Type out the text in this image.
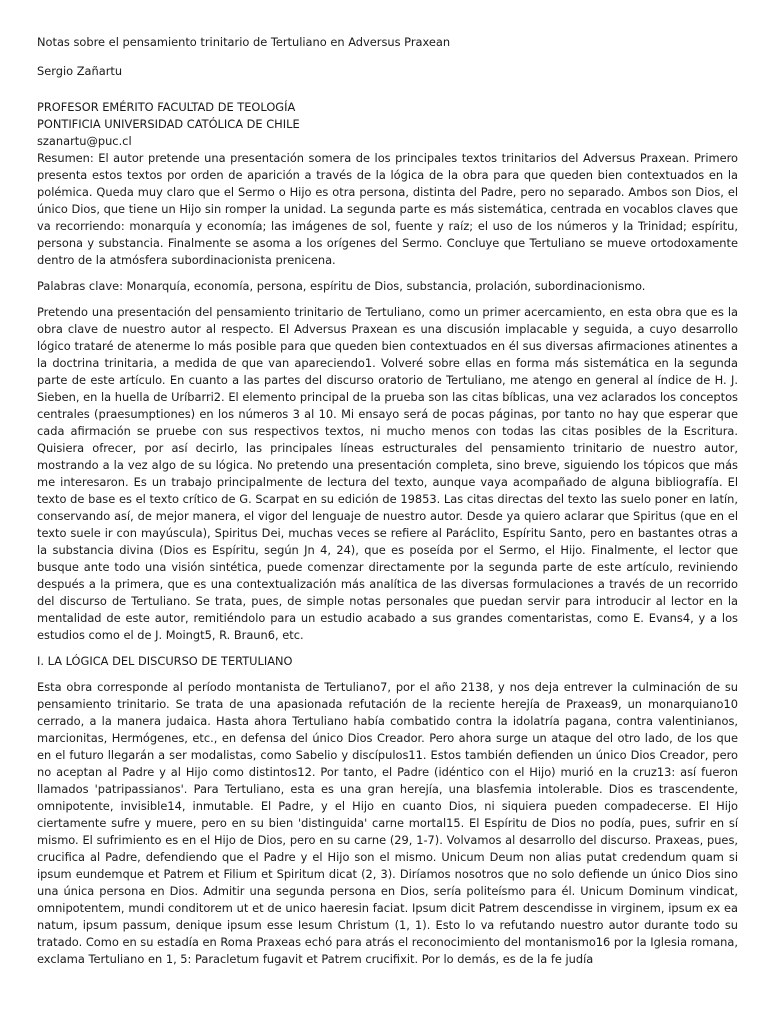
Notas sobre el pensamiento trinitario de Tertuliano en Adversus Praxean
Sergio Zañartu
PROFESOR EMÉRITO FACULTAD DE TEOLOGÍA
PONTIFICIA UNIVERSIDAD CATÓLICA DE CHILE
szanartu@puc.cl

Resumen: El autor pretende una presentación somera de los principales textos trinitarios del Adversus Praxean. Primero presenta estos textos por orden de aparición a través de la lógica de la obra para que queden bien contextuados en la polémica. Queda muy claro que el Sermo o Hijo es otra persona, distinta del Padre, pero no separado. Ambos son Dios, el único Dios, que tiene un Hijo sin romper la unidad. La segunda parte es más sistemática, centrada en vocablos claves que va recorriendo: monarquía y economía; las imágenes de sol, fuente y raíz; el uso de los números y la Trinidad; espíritu, persona y substancia. Finalmente se asoma a los orígenes del Sermo. Concluye que Tertuliano se mueve ortodoxamente dentro de la atmósfera subordinacionista prenicena.

Palabras clave: Monarquía, economía, persona, espíritu de Dios, substancia, prolación, subordinacionismo.

Pretendo una presentación del pensamiento trinitario de Tertuliano, como un primer acercamiento, en esta obra que es la obra clave de nuestro autor al respecto. El Adversus Praxean es una discusión implacable y seguida, a cuyo desarrollo lógico trataré de atenerme lo más posible para que queden bien contextuados en él sus diversas afirmaciones atinentes a la doctrina trinitaria, a medida de que van apareciendo1. Volveré sobre ellas en forma más sistemática en la segunda parte de este artículo. En cuanto a las partes del discurso oratorio de Tertuliano, me atengo en general al índice de H. J. Sieben, en la huella de Uríbarri2. El elemento principal de la prueba son las citas bíblicas, una vez aclarados los conceptos centrales (praesumptiones) en los números 3 al 10. Mi ensayo será de pocas páginas, por tanto no hay que esperar que cada afirmación se pruebe con sus respectivos textos, ni mucho menos con todas las citas posibles de la Escritura. Quisiera ofrecer, por así decirlo, las principales líneas estructurales del pensamiento trinitario de nuestro autor, mostrando a la vez algo de su lógica. No pretendo una presentación completa, sino breve, siguiendo los tópicos que más me interesaron. Es un trabajo principalmente de lectura del texto, aunque vaya acompañado de alguna bibliografía. El texto de base es el texto crítico de G. Scarpat en su edición de 19853. Las citas directas del texto las suelo poner en latín, conservando así, de mejor manera, el vigor del lenguaje de nuestro autor. Desde ya quiero aclarar que Spiritus (que en el texto suele ir con mayúscula), Spiritus Dei, muchas veces se refiere al Paráclito, Espíritu Santo, pero en bastantes otras a la substancia divina (Dios es Espíritu, según Jn 4, 24), que es poseída por el Sermo, el Hijo. Finalmente, el lector que busque ante todo una visión sintética, puede comenzar directamente por la segunda parte de este artículo, reviniendo después a la primera, que es una contextualización más analítica de las diversas formulaciones a través de un recorrido del discurso de Tertuliano. Se trata, pues, de simple notas personales que puedan servir para introducir al lector en la mentalidad de este autor, remitiéndolo para un estudio acabado a sus grandes comentaristas, como E. Evans4, y a los estudios como el de J. Moingt5, R. Braun6, etc.

I. LA LÓGICA DEL DISCURSO DE TERTULIANO

Esta obra corresponde al período montanista de Tertuliano7, por el año 2138, y nos deja entrever la culminación de su pensamiento trinitario. Se trata de una apasionada refutación de la reciente herejía de Praxeas9, un monarquiano10 cerrado, a la manera judaica. Hasta ahora Tertuliano había combatido contra la idolatría pagana, contra valentinianos, marcionitas, Hermógenes, etc., en defensa del único Dios Creador. Pero ahora surge un ataque del otro lado, de los que en el futuro llegarán a ser modalistas, como Sabelio y discípulos11. Estos también defienden un único Dios Creador, pero no aceptan al Padre y al Hijo como distintos12. Por tanto, el Padre (idéntico con el Hijo) murió en la cruz13: así fueron llamados 'patripassianos'. Para Tertuliano, esta es una gran herejía, una blasfemia intolerable. Dios es trascendente, omnipotente, invisible14, inmutable. El Padre, y el Hijo en cuanto Dios, ni siquiera pueden compadecerse. El Hijo ciertamente sufre y muere, pero en su bien 'distinguida' carne mortal15. El Espíritu de Dios no podía, pues, sufrir en sí mismo. El sufrimiento es en el Hijo de Dios, pero en su carne (29, 1-7). Volvamos al desarrollo del discurso. Praxeas, pues, crucifica al Padre, defendiendo que el Padre y el Hijo son el mismo. Unicum Deum non alias putat credendum quam si ipsum eundemque et Patrem et Filium et Spiritum dicat (2, 3). Diríamos nosotros que no solo defiende un único Dios sino una única persona en Dios. Admitir una segunda persona en Dios, sería politeísmo para él. Unicum Dominum vindicat, omnipotentem, mundi conditorem ut et de unico haeresin faciat. Ipsum dicit Patrem descendisse in virginem, ipsum ex ea natum, ipsum passum, denique ipsum esse Iesum Christum (1, 1). Esto lo va refutando nuestro autor durante todo su tratado. Como en su estadía en Roma Praxeas echó para atrás el reconocimiento del montanismo16 por la Iglesia romana, exclama Tertuliano en 1, 5: Paracletum fugavit et Patrem crucifixit. Por lo demás, es de la fe judía
